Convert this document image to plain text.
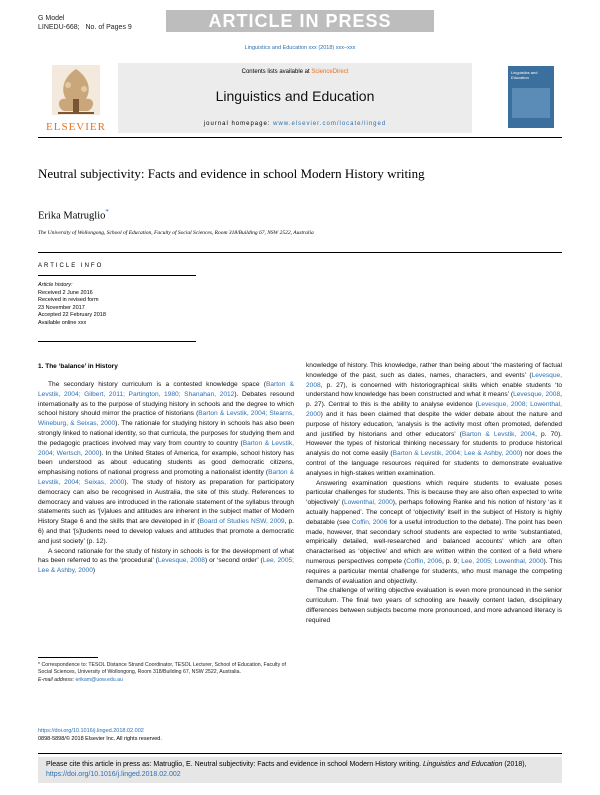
G Model
LINEDU-668; No. of Pages 9	ARTICLE IN PRESS
Linguistics and Education xxx (2018) xxx–xxx
ELSEVIER
Contents lists available at ScienceDirect
Linguistics and Education
journal homepage: www.elsevier.com/locate/linged
Linguistics and Education
Neutral subjectivity: Facts and evidence in school Modern History writing
Erika Matruglio*
The University of Wollongong, School of Education, Faculty of Social Sciences, Room 318/Building 67, NSW 2522, Australia
ARTICLE INFO
Article history:
Received 2 June 2016
Received in revised form
23 November 2017
Accepted 22 February 2018
Available online xxx
1. The ‘balance’ in History

The secondary history curriculum is a contested knowledge space (Barton & Levstik, 2004; Gilbert, 2011; Partington, 1980; Shanahan, 2012). Debates resound internationally as to the purpose of studying history in schools and the degree to which school history should mirror the practice of historians (Barton & Levstik, 2004; Stearns, Wineburg, & Seixas, 2000). The rationale for studying history in schools has also been strongly linked to national identity, so that curricula, the purposes for studying them and the pedagogic practices involved may vary from country to country (Barton & Levstik, 2004; Wertsch, 2000). In the United States of America, for example, school history has been understood as about educating students as good democratic citizens, emphasising notions of national progress and promoting a nationalist identity (Barton & Levstik, 2004; Seixas, 2000). The study of history as preparation for participatory democracy can also be recognised in Australia, the site of this study. References to democracy and values are introduced in the rationale statement of the syllabus through statements such as ‘[v]alues and attitudes are inherent in the subject matter of Modern History Stage 6 and the skills that are developed in it’ (Board of Studies NSW, 2009, p. 6) and that ‘[s]tudents need to develop values and attitudes that promote a democratic and just society’ (p. 12).

A second rationale for the study of history in schools is for the development of what has been referred to as the ‘procedural’ (Levesque, 2008) or ‘second order’ (Lee, 2005; Lee & Ashby, 2000)

knowledge of history. This knowledge, rather than being about ‘the mastering of factual knowledge of the past, such as dates, names, characters, and events’ (Levesque, 2008, p. 27), is concerned with historiographical skills which enable students ‘to understand how knowledge has been constructed and what it means’ (Levesque, 2008, p. 27). Central to this is the ability to analyse evidence (Levesque, 2008; Lowenthal, 2000) and it has been claimed that despite the wider debate about the nature and purpose of history education, ‘analysis is the activity most often promoted, defended and justified by historians and other educators’ (Barton & Levstik, 2004, p. 70). However the types of historical thinking necessary for students to produce historical analysis do not come easily (Barton & Levstik, 2004; Lee & Ashby, 2000) nor does the control of the language resources required for students to demonstrate evaluative analyses in high-stakes written examination.

Answering examination questions which require students to evaluate poses particular challenges for students. This is because they are also often expected to write ‘objectively’ (Lowenthal, 2000), perhaps following Ranke and his notion of history ‘as it actually happened’. The concept of ‘objectivity’ itself in the subject of History is highly debatable (see Coffin, 2006 for a useful introduction to the debate). The point has been made, however, that secondary school students are expected to write ‘substantiated, empirically detailed, well-researched and balanced accounts’ which are often characterised as ‘objective’ and which are written within the context of a field where numerous perspectives compete (Coffin, 2006, p. 9; Lee, 2005; Lowenthal, 2000). This requires a particular mental challenge for students, who must manage the competing demands of evaluation and objectivity.

The challenge of writing objective evaluation is even more pronounced in the senior curriculum. The final two years of schooling are heavily content laden, disciplinary differences between subjects become more pronounced, and more advanced literacy is required

* Correspondence to: TESOL Distance Strand Coordinator, TESOL Lecturer, School of Education, Faculty of Social Sciences, University of Wollongong, Room 318/Building 67, NSW 2522, Australia.
E-mail address: erikam@uow.edu.au
https://doi.org/10.1016/j.linged.2018.02.002
0898-5898/© 2018 Elsevier Inc. All rights reserved.
Please cite this article in press as: Matruglio, E. Neutral subjectivity: Facts and evidence in school Modern History writing. Linguistics and Education (2018), https://doi.org/10.1016/j.linged.2018.02.002
